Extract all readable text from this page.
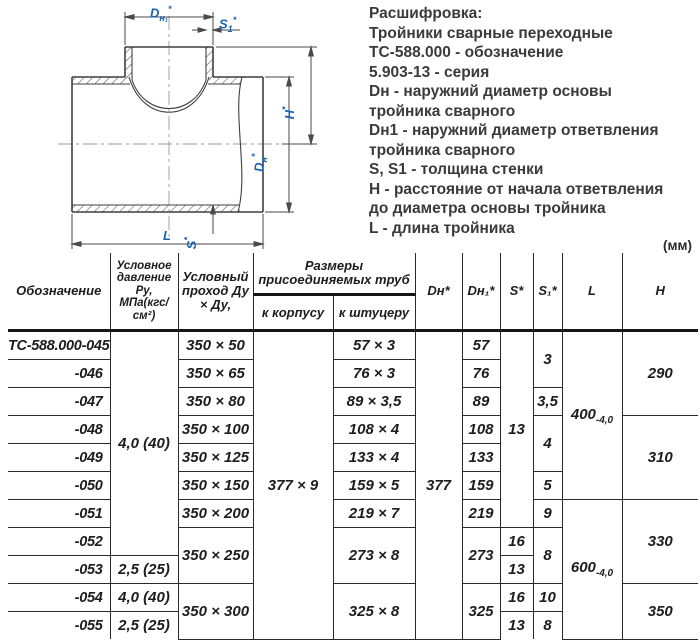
$D_{н_1}^*$
$S_1^*$
H*
$D_н^*$
S*
L
Расшифровка:
Тройники сварные переходные
ТС-588.000 - обозначение
5.903-13 - серия
Dн - наружний диаметр основы
тройника сварного
Dн1 - наружний диаметр ответвления
тройника сварного
S, S1 - толщина стенки
H - расстояние от начала ответвления
до диаметра основы тройника
L - длина тройника
(мм)
Обозначение	Условное давление Ру, МПа(кгс/см²)	Условный проход Ду × Ду,	Размеры присоединяемых труб		Dн*	Dн₁*	S*	S₁*	L	H
			к корпусу	к штуцеру						
ТС-588.000-045	4,0 (40)	350 × 50	377 × 9	57 × 3	377	57	13	3	$400_{-4,0}$	290
-046		350 × 65		76 × 3		76				
-047		350 × 80		89 × 3,5		89		3,5		
-048		350 × 100		108 × 4		108		4		310
-049		350 × 125		133 × 4		133				
-050		350 × 150		159 × 5		159		5		
-051		350 × 200		219 × 7		219		9	$600_{-4,0}$	330
-052		350 × 250		273 × 8		273	16	8		
-053	2,5 (25)						13			
-054	4,0 (40)	350 × 300		325 × 8		325	16	10		350
-055	2,5 (25)						13	8		
